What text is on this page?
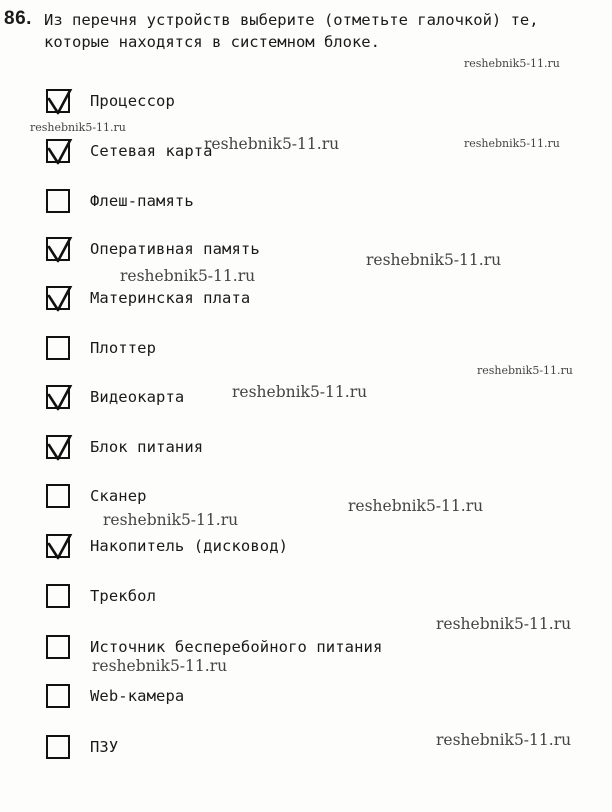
86. Из перечня устройств выберите (отметьте галочкой) те,
которые находятся в системном блоке.
Процессор
Сетевая карта
Флеш-память
Оперативная память
Материнская плата
Плоттер
Видеокарта
Блок питания
Сканер
Накопитель (дисковод)
Трекбол
Источник бесперебойного питания
Web-камера
ПЗУ
reshebnik5-11.ru
reshebnik5-11.ru
reshebnik5-11.ru	reshebnik5-11.ru
reshebnik5-11.ru
reshebnik5-11.ru
reshebnik5-11.ru
reshebnik5-11.ru
reshebnik5-11.ru
reshebnik5-11.ru
reshebnik5-11.ru
reshebnik5-11.ru
reshebnik5-11.ru
